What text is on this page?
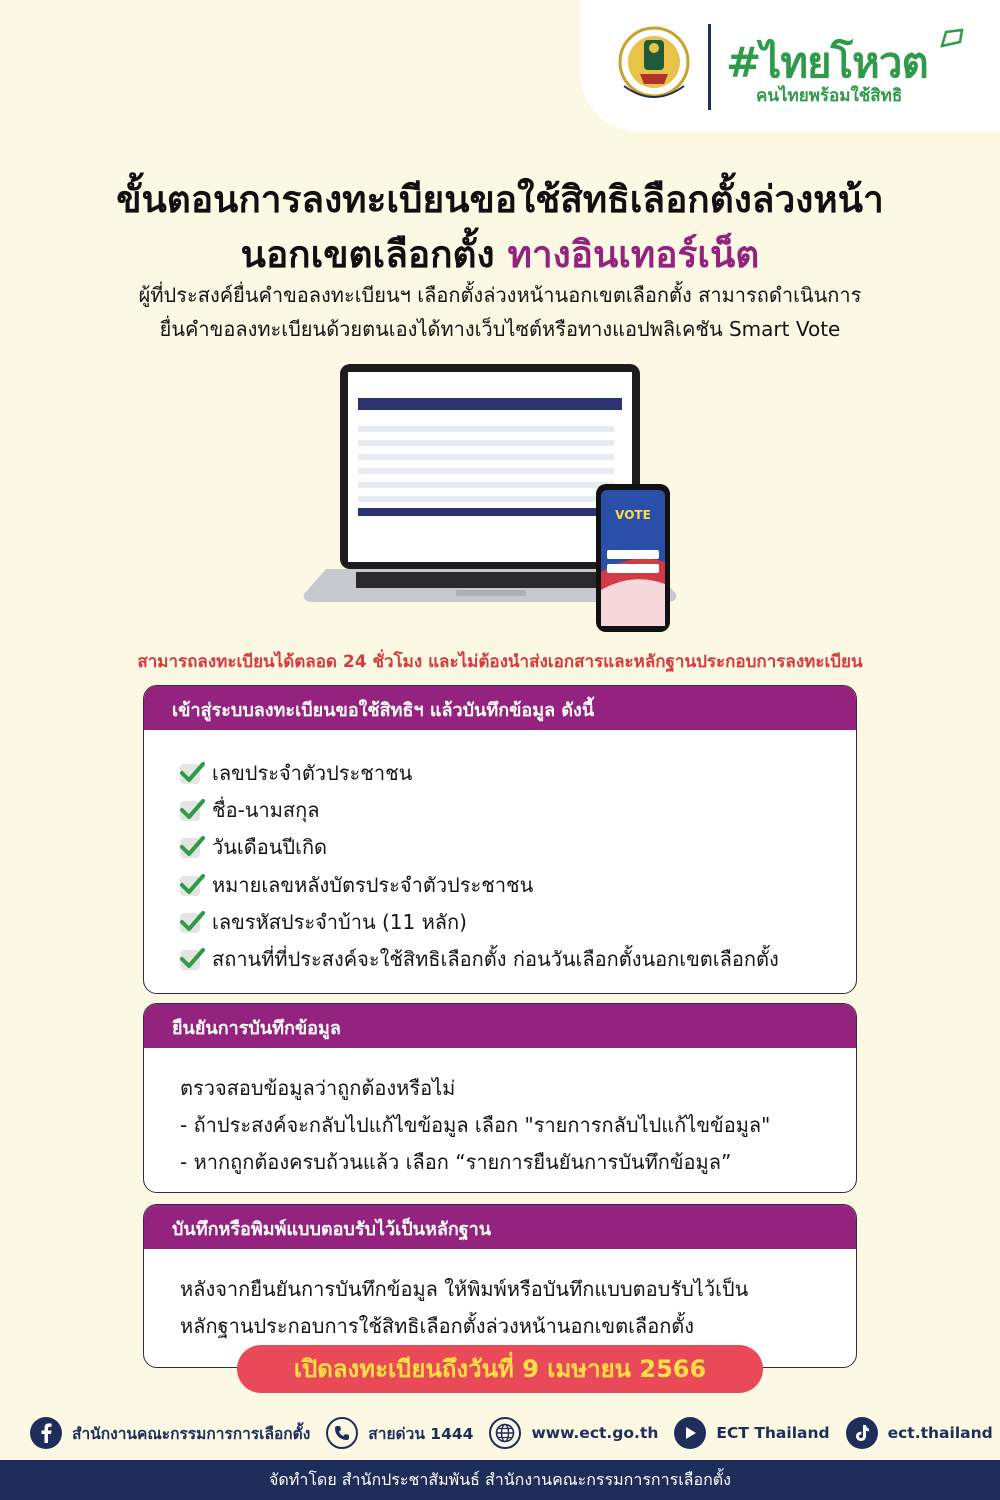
#ไทยโหวต
คนไทยพร้อมใช้สิทธิ
ขั้นตอนการลงทะเบียนขอใช้สิทธิเลือกตั้งล่วงหน้า
นอกเขตเลือกตั้ง ทางอินเทอร์เน็ต

ผู้ที่ประสงค์ยื่นคำขอลงทะเบียนฯ เลือกตั้งล่วงหน้านอกเขตเลือกตั้ง สามารถดำเนินการ

ยื่นคำขอลงทะเบียนด้วยตนเองได้ทางเว็บไซต์หรือทางแอปพลิเคชัน Smart Vote

VOTE

สามารถลงทะเบียนได้ตลอด 24 ชั่วโมง และไม่ต้องนำส่งเอกสารและหลักฐานประกอบการลงทะเบียน

เข้าสู่ระบบลงทะเบียนขอใช้สิทธิฯ แล้วบันทึกข้อมูล ดังนี้
เลขประจำตัวประชาชน
ชื่อ-นามสกุล
วันเดือนปีเกิด
หมายเลขหลังบัตรประจำตัวประชาชน
เลขรหัสประจำบ้าน (11 หลัก)
สถานที่ที่ประสงค์จะใช้สิทธิเลือกตั้ง ก่อนวันเลือกตั้งนอกเขตเลือกตั้ง
ยืนยันการบันทึกข้อมูล

ตรวจสอบข้อมูลว่าถูกต้องหรือไม่

- ถ้าประสงค์จะกลับไปแก้ไขข้อมูล เลือก "รายการกลับไปแก้ไขข้อมูล"

- หากถูกต้องครบถ้วนแล้ว เลือก “รายการยืนยันการบันทึกข้อมูล”

บันทึกหรือพิมพ์แบบตอบรับไว้เป็นหลักฐาน

หลังจากยืนยันการบันทึกข้อมูล ให้พิมพ์หรือบันทึกแบบตอบรับไว้เป็น

หลักฐานประกอบการใช้สิทธิเลือกตั้งล่วงหน้านอกเขตเลือกตั้ง

เปิดลงทะเบียนถึงวันที่ 9 เมษายน 2566
สำนักงานคณะกรรมการการเลือกตั้ง	สายด่วน 1444	www.ect.go.th	ECT Thailand	ect.thailand
จัดทำโดย สำนักประชาสัมพันธ์ สำนักงานคณะกรรมการการเลือกตั้ง
